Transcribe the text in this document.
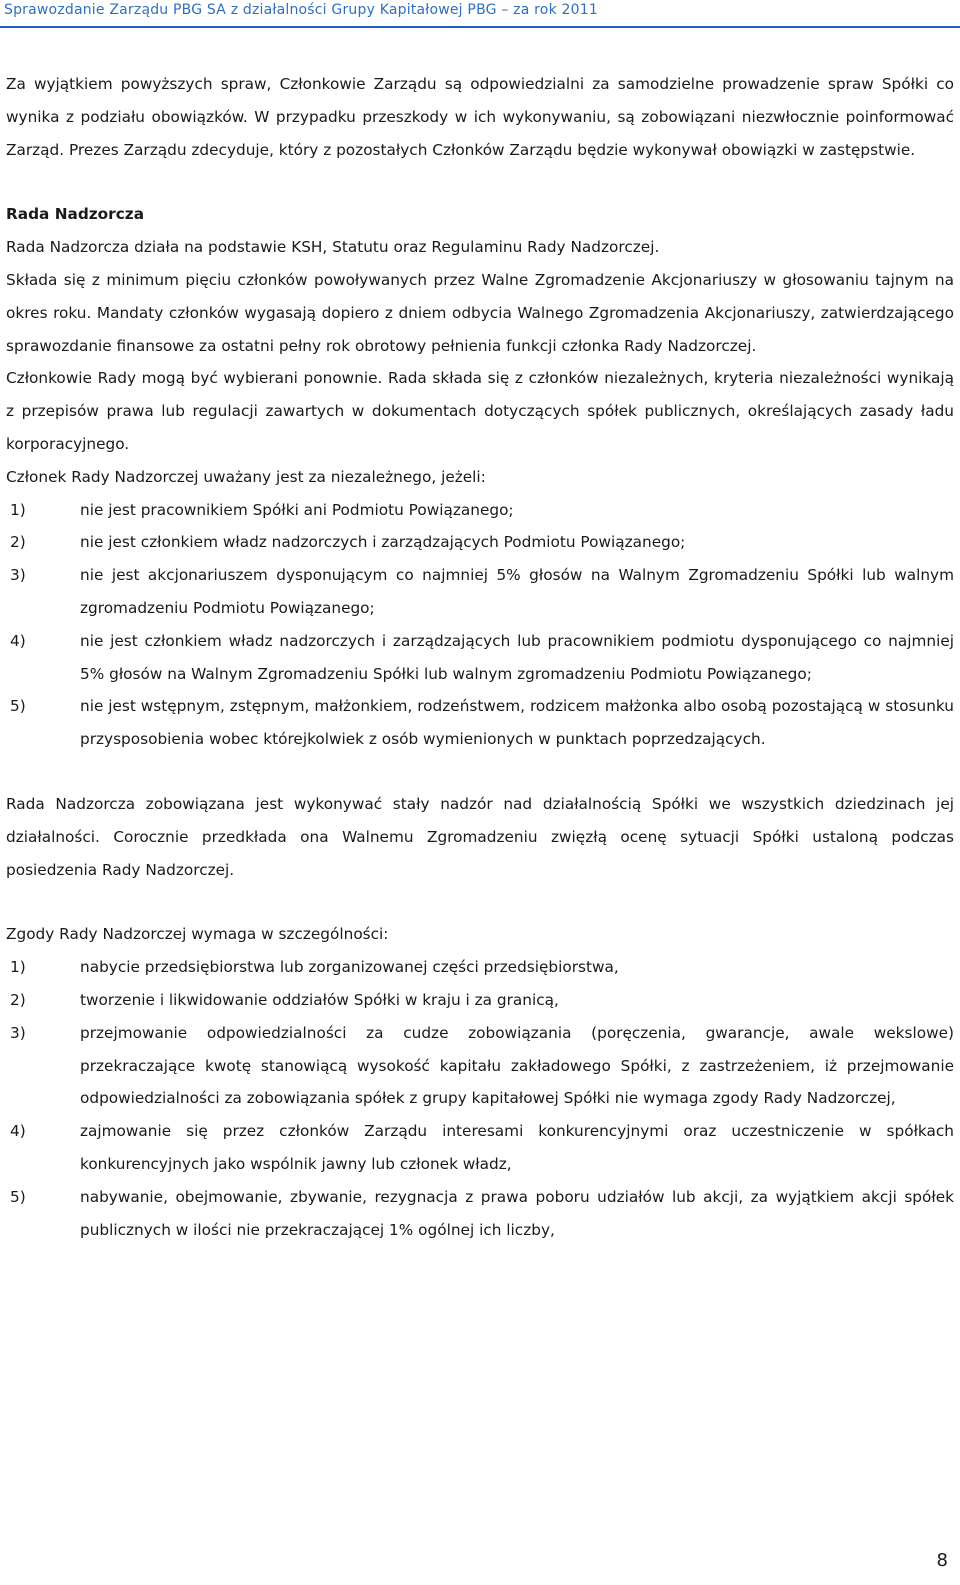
Sprawozdanie Zarządu PBG SA z działalności Grupy Kapitałowej PBG – za rok 2011

Za wyjątkiem powyższych spraw, Członkowie Zarządu są odpowiedzialni za samodzielne prowadzenie spraw Spółki co wynika z podziału obowiązków. W przypadku przeszkody w ich wykonywaniu, są zobowiązani niezwłocznie poinformować Zarząd. Prezes Zarządu zdecyduje, który z pozostałych Członków Zarządu będzie wykonywał obowiązki w zastępstwie.

Rada Nadzorcza

Rada Nadzorcza działa na podstawie KSH, Statutu oraz Regulaminu Rady Nadzorczej.

Składa się z minimum pięciu członków powoływanych przez Walne Zgromadzenie Akcjonariuszy w głosowaniu tajnym na okres roku. Mandaty członków wygasają dopiero z dniem odbycia Walnego Zgromadzenia Akcjonariuszy, zatwierdzającego sprawozdanie finansowe za ostatni pełny rok obrotowy pełnienia funkcji członka Rady Nadzorczej.

Członkowie Rady mogą być wybierani ponownie. Rada składa się z członków niezależnych, kryteria niezależności wynikają z przepisów prawa lub regulacji zawartych w dokumentach dotyczących spółek publicznych, określających zasady ładu korporacyjnego.

Członek Rady Nadzorczej uważany jest za niezależnego, jeżeli:

1)	nie jest pracownikiem Spółki ani Podmiotu Powiązanego;
2)	nie jest członkiem władz nadzorczych i zarządzających Podmiotu Powiązanego;
3)	nie jest akcjonariuszem dysponującym co najmniej 5% głosów na Walnym Zgromadzeniu Spółki lub walnym zgromadzeniu Podmiotu Powiązanego;
4)	nie jest członkiem władz nadzorczych i zarządzających lub pracownikiem podmiotu dysponującego co najmniej 5% głosów na Walnym Zgromadzeniu Spółki lub walnym zgromadzeniu Podmiotu Powiązanego;
5)	nie jest wstępnym, zstępnym, małżonkiem, rodzeństwem, rodzicem małżonka albo osobą pozostającą w stosunku przysposobienia wobec którejkolwiek z osób wymienionych w punktach poprzedzających.

Rada Nadzorcza zobowiązana jest wykonywać stały nadzór nad działalnością Spółki we wszystkich dziedzinach jej działalności. Corocznie przedkłada ona Walnemu Zgromadzeniu zwięzłą ocenę sytuacji Spółki ustaloną podczas posiedzenia Rady Nadzorczej.

Zgody Rady Nadzorczej wymaga w szczególności:

1)	nabycie przedsiębiorstwa lub zorganizowanej części przedsiębiorstwa,
2)	tworzenie i likwidowanie oddziałów Spółki w kraju i za granicą,
3)	przejmowanie odpowiedzialności za cudze zobowiązania (poręczenia, gwarancje, awale wekslowe) przekraczające kwotę stanowiącą wysokość kapitału zakładowego Spółki, z zastrzeżeniem, iż przejmowanie odpowiedzialności za zobowiązania spółek z grupy kapitałowej Spółki nie wymaga zgody Rady Nadzorczej,
4)	zajmowanie się przez członków Zarządu interesami konkurencyjnymi oraz uczestniczenie w spółkach konkurencyjnych jako wspólnik jawny lub członek władz,
5)	nabywanie, obejmowanie, zbywanie, rezygnacja z prawa poboru udziałów lub akcji, za wyjątkiem akcji spółek publicznych w ilości nie przekraczającej 1% ogólnej ich liczby,
8
